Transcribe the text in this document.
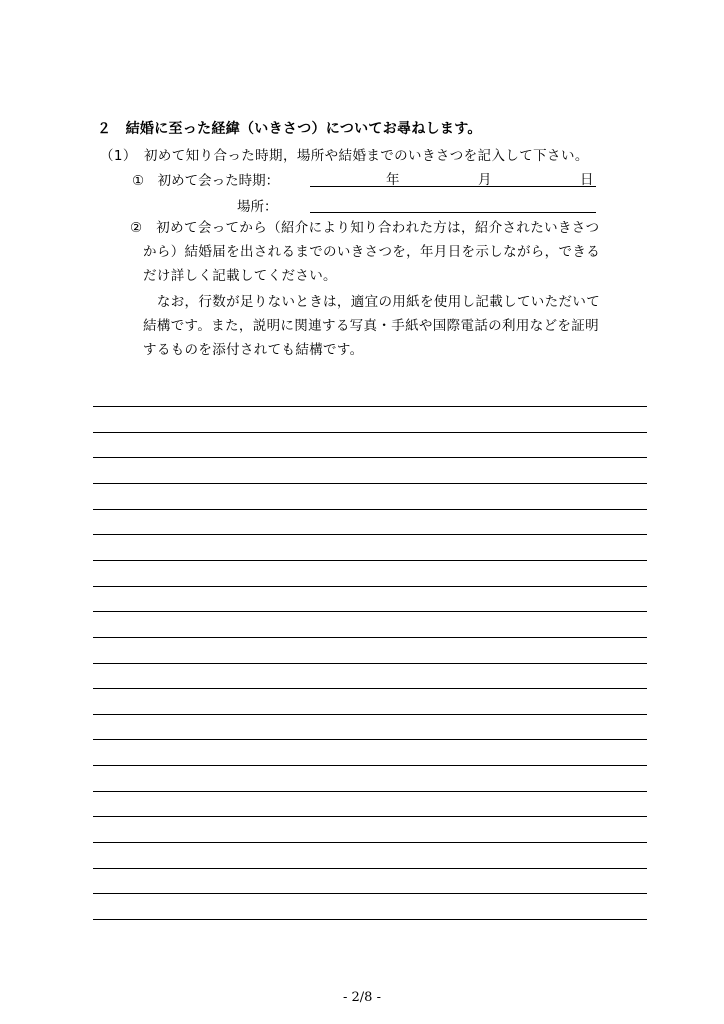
２　結婚に至った経緯（いきさつ）についてお尋ねします。
（1）　初めて知り合った時期，場所や結婚までのいきさつを記入して下さい。
①　初めて会った時期：	年	月	日
場所：
②　初めて会ってから（紹介により知り合われた方は，紹介されたいきさつ
から）結婚届を出されるまでのいきさつを，年月日を示しながら，できる
だけ詳しく記載してください。
　なお，行数が足りないときは，適宜の用紙を使用し記載していただいて
結構です。また，説明に関連する写真・手紙や国際電話の利用などを証明
するものを添付されても結構です。
- 2/8 -
